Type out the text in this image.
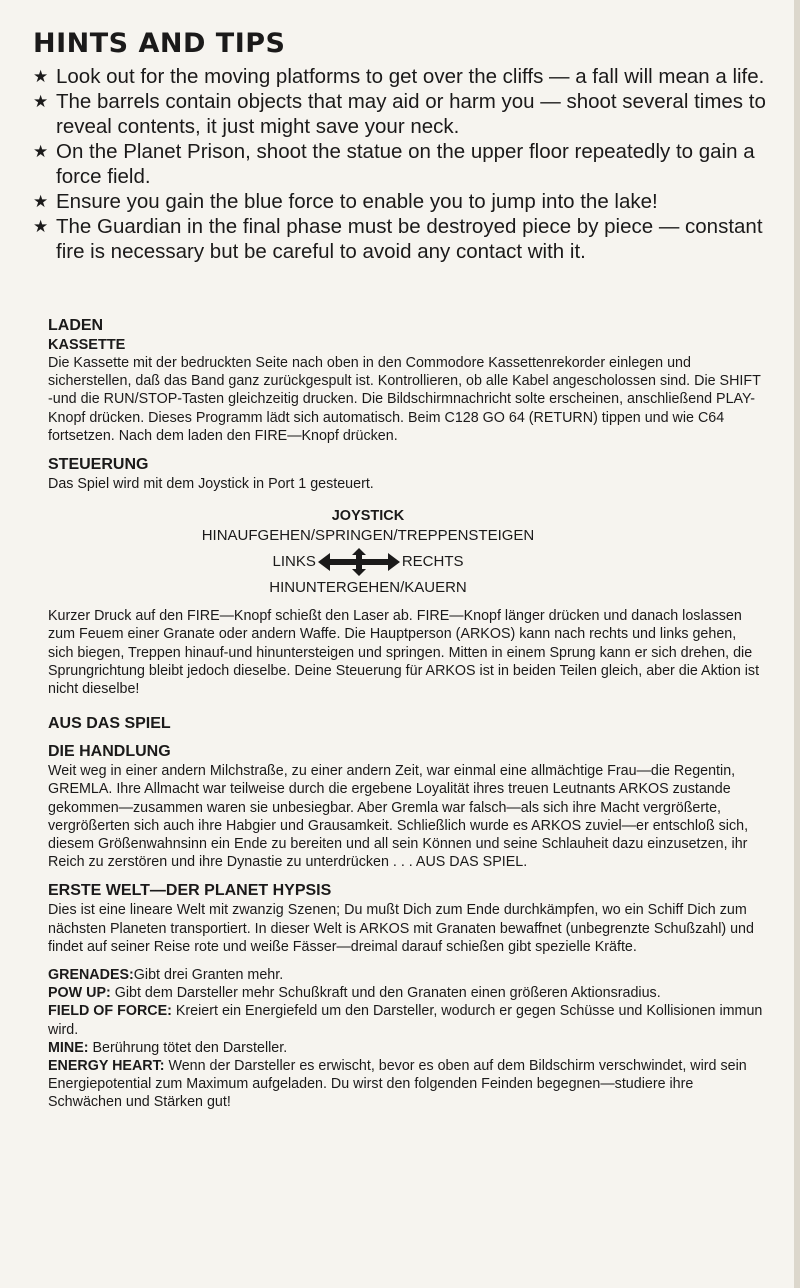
HINTS AND TIPS
★ Look out for the moving platforms to get over the cliffs — a fall will mean a life.
★ The barrels contain objects that may aid or harm you — shoot several times to reveal contents, it just might save your neck.
★ On the Planet Prison, shoot the statue on the upper floor repeatedly to gain a force field.
★ Ensure you gain the blue force to enable you to jump into the lake!
★ The Guardian in the final phase must be destroyed piece by piece — constant fire is necessary but be careful to avoid any contact with it.
LADEN
KASSETTE

Die Kassette mit der bedruckten Seite nach oben in den Commodore Kassettenrekorder einlegen und sicherstellen, daß das Band ganz zurückgespult ist. Kontrollieren, ob alle Kabel angescholossen sind. Die SHIFT -und die RUN/STOP-Tasten gleichzeitig drucken. Die Bildschirmnachricht solte erscheinen, anschließend PLAY-Knopf drücken. Dieses Programm lädt sich automatisch. Beim C128 GO 64 (RETURN) tippen und wie C64 fortsetzen. Nach dem laden den FIRE—Knopf drücken.

STEUERUNG

Das Spiel wird mit dem Joystick in Port 1 gesteuert.

JOYSTICK
HINAUFGEHEN/SPRINGEN/TREPPENSTEIGEN
LINKS	RECHTS
HINUNTERGEHEN/KAUERN

Kurzer Druck auf den FIRE—Knopf schießt den Laser ab. FIRE—Knopf länger drücken und danach loslassen zum Feuem einer Granate oder andern Waffe. Die Hauptperson (ARKOS) kann nach rechts und links gehen, sich biegen, Treppen hinauf-und hinuntersteigen und springen. Mitten in einem Sprung kann er sich drehen, die Sprungrichtung bleibt jedoch dieselbe. Deine Steuerung für ARKOS ist in beiden Teilen gleich, aber die Aktion ist nicht dieselbe!

AUS DAS SPIEL
DIE HANDLUNG

Weit weg in einer andern Milchstraße, zu einer andern Zeit, war einmal eine allmächtige Frau—die Regentin, GREMLA. Ihre Allmacht war teilweise durch die ergebene Loyalität ihres treuen Leutnants ARKOS zustande gekommen—zusammen waren sie unbesiegbar. Aber Gremla war falsch—als sich ihre Macht vergrößerte, vergrößerten sich auch ihre Habgier und Grausamkeit. Schließlich wurde es ARKOS zuviel—er entschloß sich, diesem Größenwahnsinn ein Ende zu bereiten und all sein Können und seine Schlauheit dazu einzusetzen, ihr Reich zu zerstören und ihre Dynastie zu unterdrücken . . . AUS DAS SPIEL.

ERSTE WELT—DER PLANET HYPSIS

Dies ist eine lineare Welt mit zwanzig Szenen; Du mußt Dich zum Ende durchkämpfen, wo ein Schiff Dich zum nächsten Planeten transportiert. In dieser Welt is ARKOS mit Granaten bewaffnet (unbegrenzte Schußzahl) und findet auf seiner Reise rote und weiße Fässer—dreimal darauf schießen gibt spezielle Kräfte.

GRENADES:Gibt drei Granten mehr.

POW UP: Gibt dem Darsteller mehr Schußkraft und den Granaten einen größeren Aktionsradius.

FIELD OF FORCE: Kreiert ein Energiefeld um den Darsteller, wodurch er gegen Schüsse und Kollisionen immun wird.

MINE: Berührung tötet den Darsteller.

ENERGY HEART: Wenn der Darsteller es erwischt, bevor es oben auf dem Bildschirm verschwindet, wird sein Energiepotential zum Maximum aufgeladen. Du wirst den folgenden Feinden begegnen—studiere ihre Schwächen und Stärken gut!
